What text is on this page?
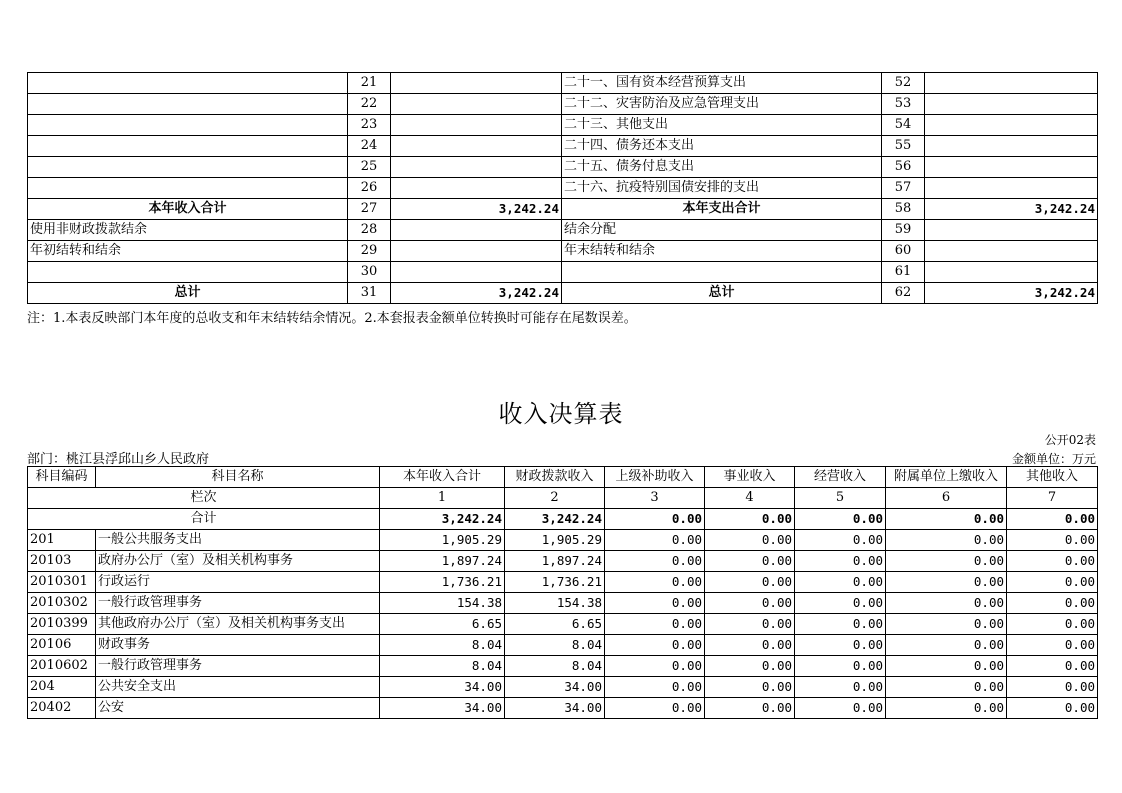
	21		二十一、国有资本经营预算支出	52	
	22		二十二、灾害防治及应急管理支出	53	
	23		二十三、其他支出	54	
	24		二十四、债务还本支出	55	
	25		二十五、债务付息支出	56	
	26		二十六、抗疫特别国债安排的支出	57	
本年收入合计	27	3,242.24	本年支出合计	58	3,242.24
使用非财政拨款结余	28		结余分配	59	
年初结转和结余	29		年末结转和结余	60	
	30			61	
总计	31	3,242.24	总计	62	3,242.24
注：1.本表反映部门本年度的总收支和年末结转结余情况。2.本套报表金额单位转换时可能存在尾数误差。
收入决算表
公开02表
部门：桃江县浮邱山乡人民政府	金额单位：万元
科目编码	科目名称	本年收入合计	财政拨款收入	上级补助收入	事业收入	经营收入	附属单位上缴收入	其他收入
栏次		1	2	3	4	5	6	7
合计		3,242.24	3,242.24	0.00	0.00	0.00	0.00	0.00
201	一般公共服务支出	1,905.29	1,905.29	0.00	0.00	0.00	0.00	0.00
20103	政府办公厅（室）及相关机构事务	1,897.24	1,897.24	0.00	0.00	0.00	0.00	0.00
2010301	行政运行	1,736.21	1,736.21	0.00	0.00	0.00	0.00	0.00
2010302	一般行政管理事务	154.38	154.38	0.00	0.00	0.00	0.00	0.00
2010399	其他政府办公厅（室）及相关机构事务支出	6.65	6.65	0.00	0.00	0.00	0.00	0.00
20106	财政事务	8.04	8.04	0.00	0.00	0.00	0.00	0.00
2010602	一般行政管理事务	8.04	8.04	0.00	0.00	0.00	0.00	0.00
204	公共安全支出	34.00	34.00	0.00	0.00	0.00	0.00	0.00
20402	公安	34.00	34.00	0.00	0.00	0.00	0.00	0.00
